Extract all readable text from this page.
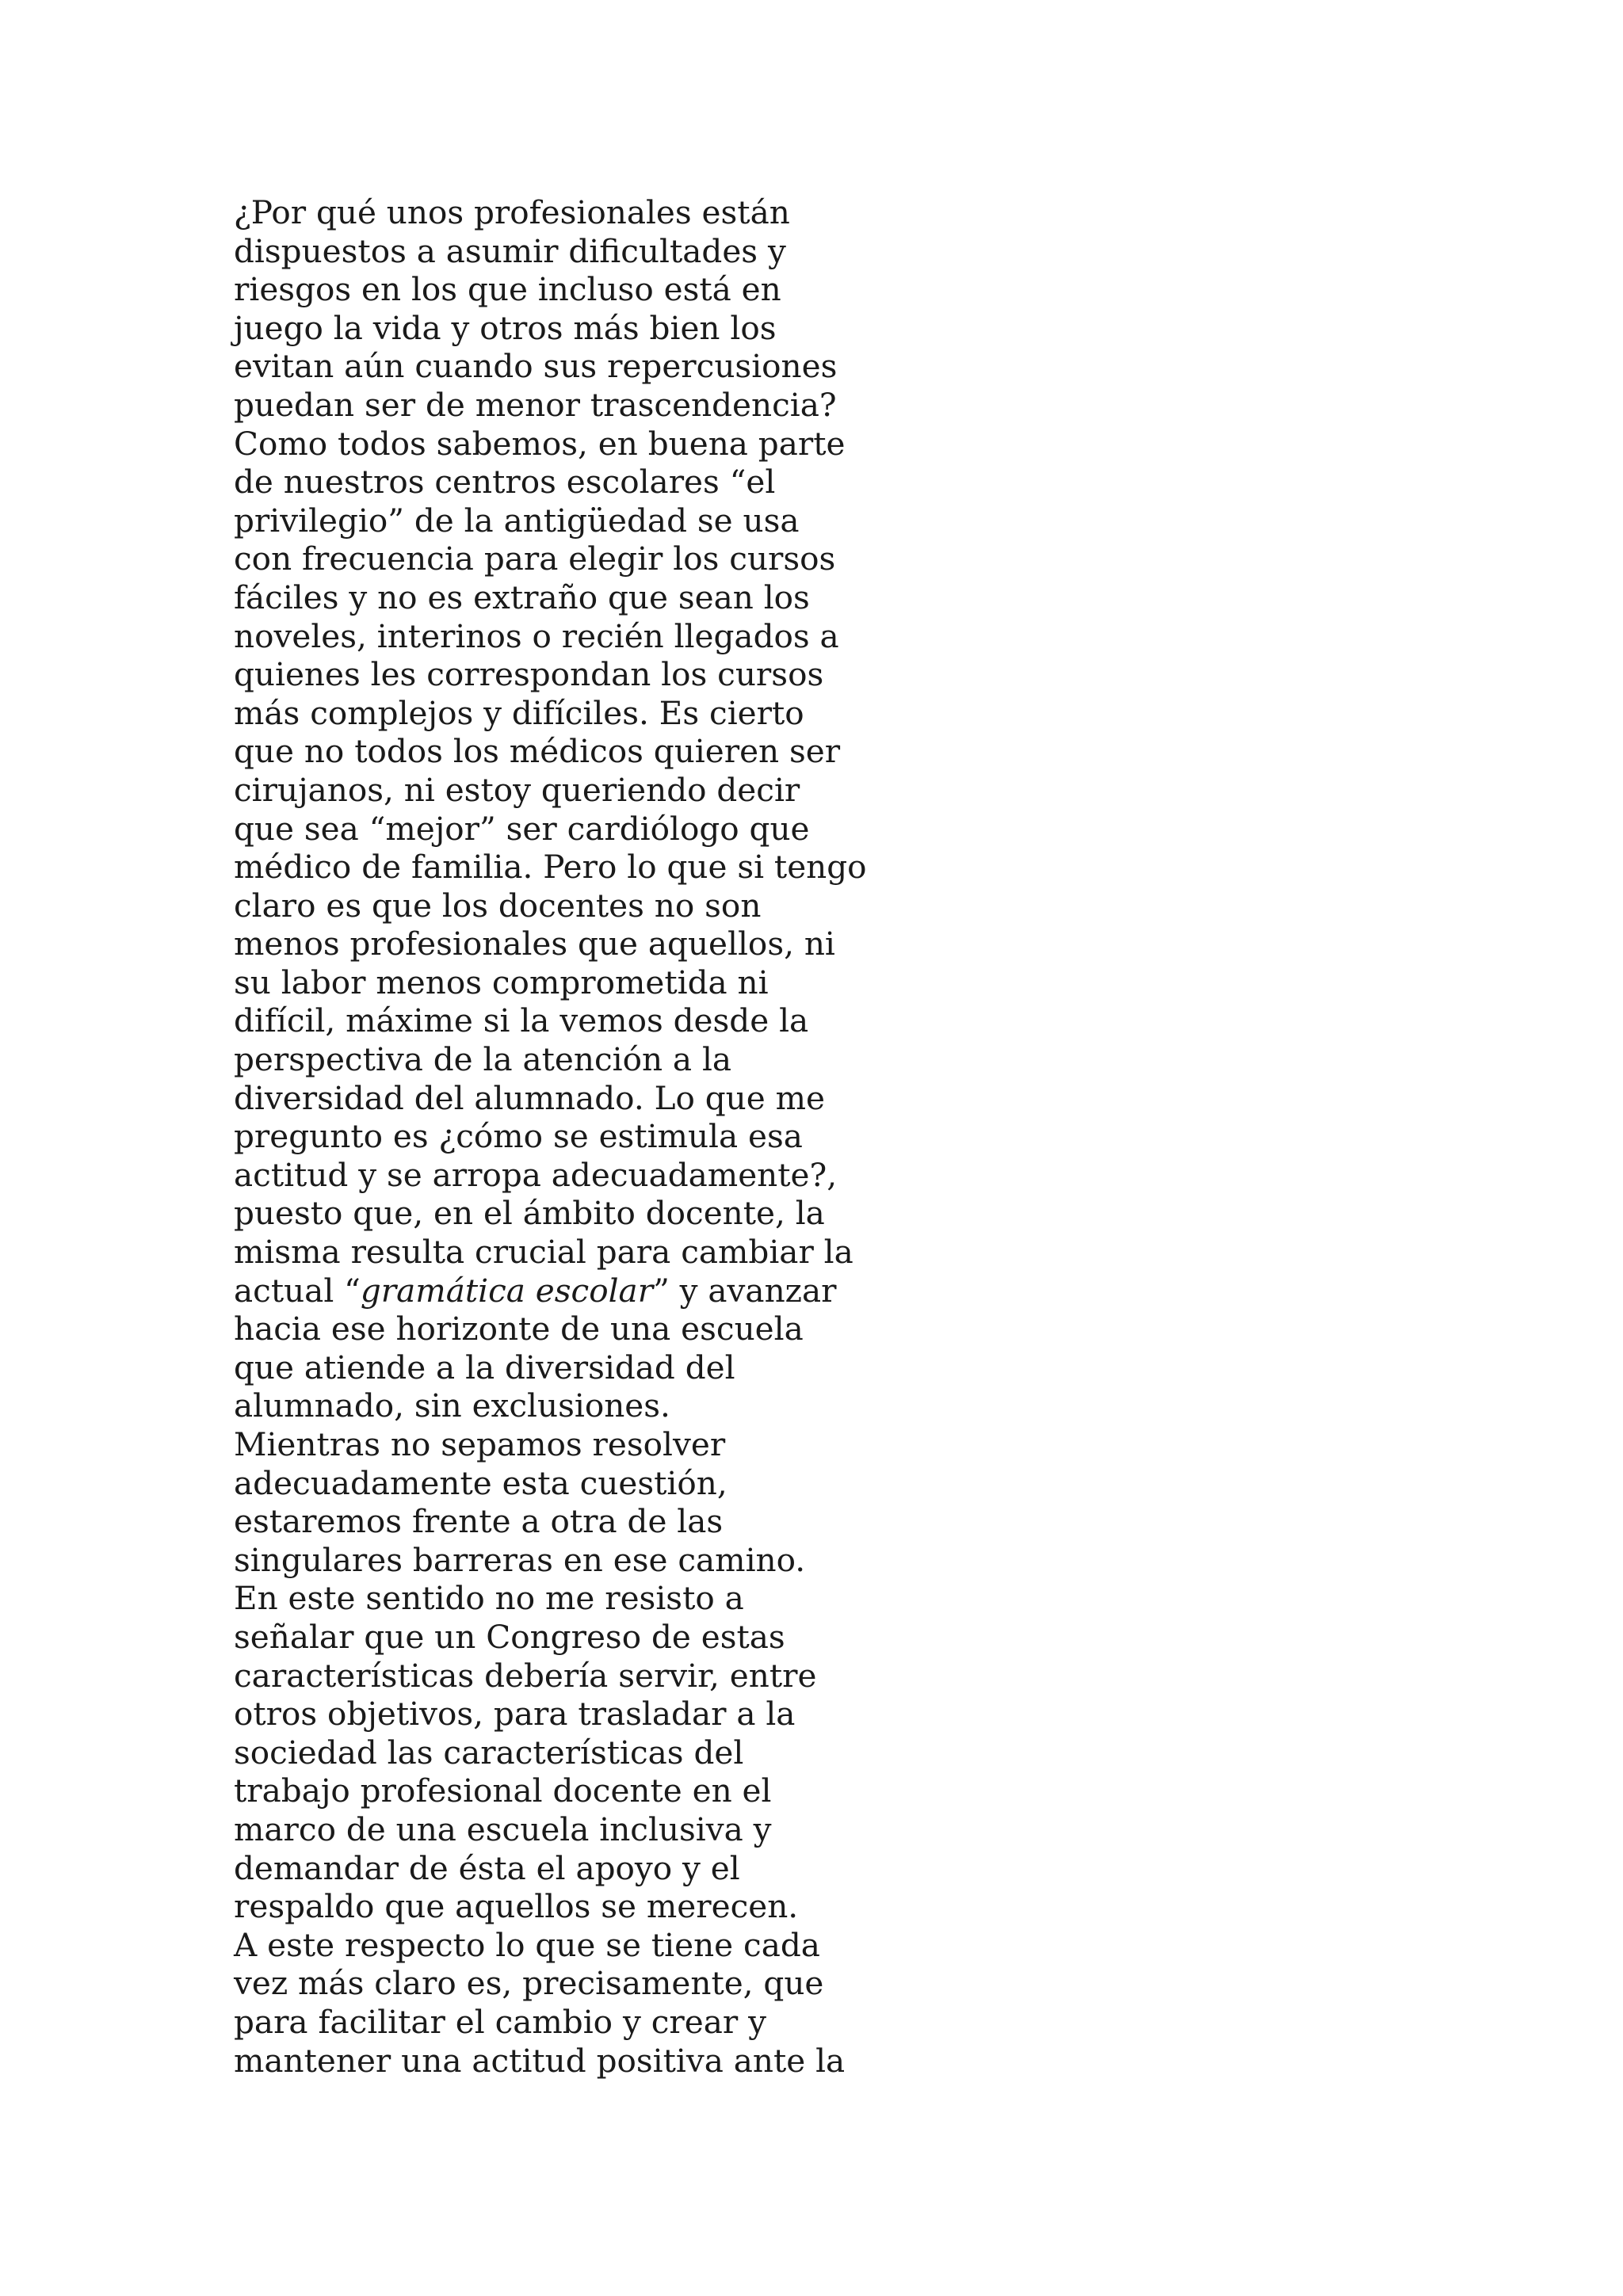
¿Por qué unos profesionales están
dispuestos a asumir dificultades y
riesgos en los que incluso está en
juego la vida y otros más bien los
evitan aún cuando sus repercusiones
puedan ser de menor trascendencia?
Como todos sabemos, en buena parte
de nuestros centros escolares “el
privilegio” de la antigüedad se usa
con frecuencia para elegir los cursos
fáciles y no es extraño que sean los
noveles, interinos o recién llegados a
quienes les correspondan los cursos
más complejos y difíciles. Es cierto
que no todos los médicos quieren ser
cirujanos, ni estoy queriendo decir
que sea “mejor” ser cardiólogo que
médico de familia. Pero lo que si tengo
claro es que los docentes no son
menos profesionales que aquellos, ni
su labor menos comprometida ni
difícil, máxime si la vemos desde la
perspectiva de la atención a la
diversidad del alumnado. Lo que me
pregunto es ¿cómo se estimula esa
actitud y se arropa adecuadamente?,
puesto que, en el ámbito docente, la
misma resulta crucial para cambiar la
actual “gramática escolar” y avanzar
hacia ese horizonte de una escuela
que atiende a la diversidad del
alumnado, sin exclusiones.
Mientras no sepamos resolver
adecuadamente esta cuestión,
estaremos frente a otra de las
singulares barreras en ese camino.
En este sentido no me resisto a
señalar que un Congreso de estas
características debería servir, entre
otros objetivos, para trasladar a la
sociedad las características del
trabajo profesional docente en el
marco de una escuela inclusiva y
demandar de ésta el apoyo y el
respaldo que aquellos se merecen.
A este respecto lo que se tiene cada
vez más claro es, precisamente, que
para facilitar el cambio y crear y
mantener una actitud positiva ante la
